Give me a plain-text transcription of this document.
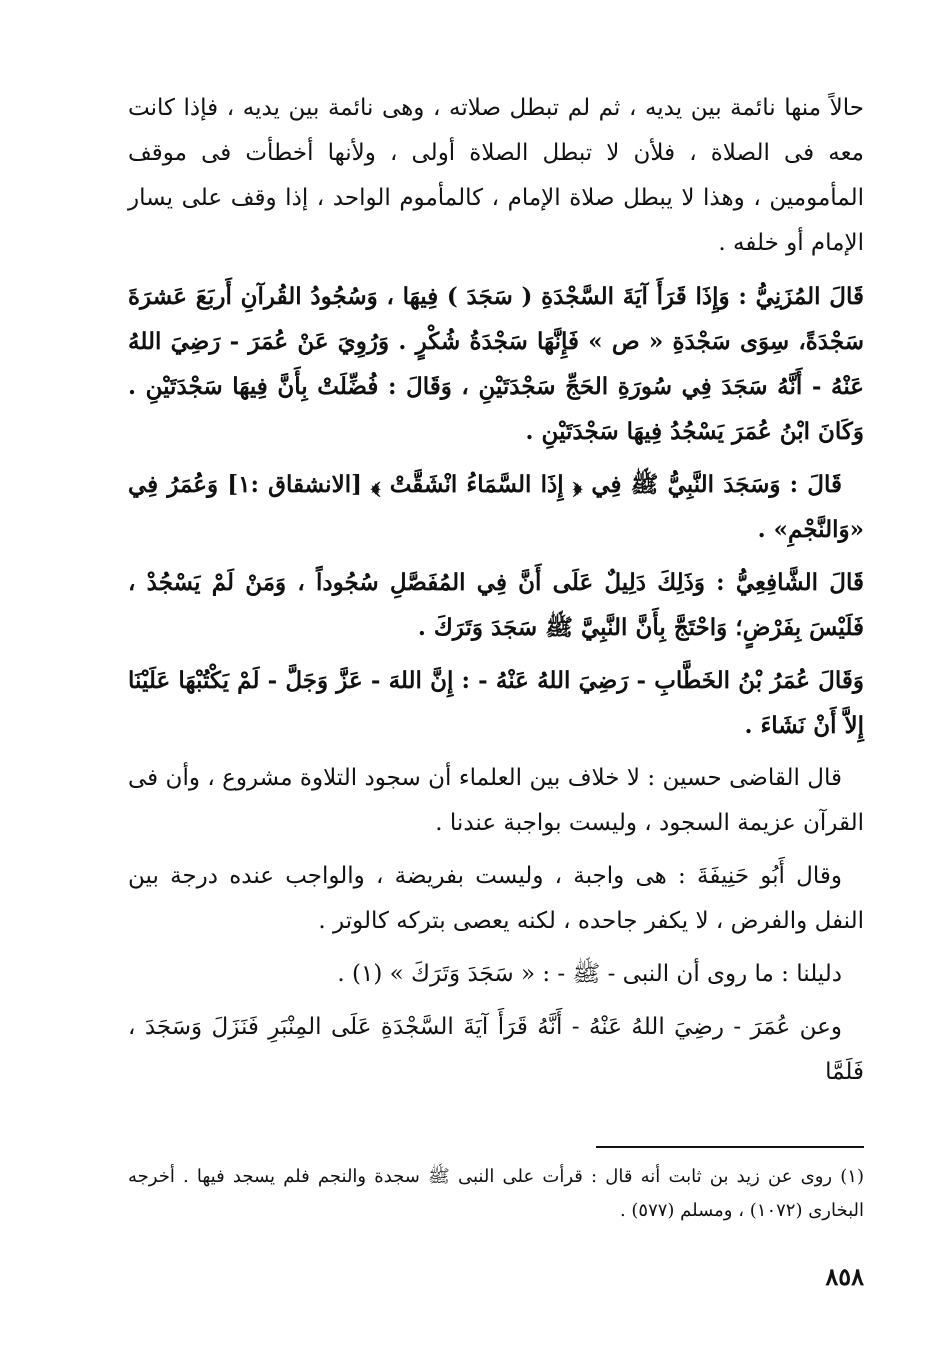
حالاً منها نائمة بين يديه ، ثم لم تبطل صلاته ، وهى نائمة بين يديه ، فإذا كانت معه فى الصلاة ، فلأن لا تبطل الصلاة أولى ، ولأنها أخطأت فى موقف المأمومين ، وهذا لا يبطل صلاة الإمام ، كالمأموم الواحد ، إذا وقف على يسار الإمام أو خلفه .

قَالَ المُزَنِيُّ : وَإِذَا قَرَأَ آيَةَ السَّجْدَةِ ( سَجَدَ ) فِيهَا ، وَسُجُودُ القُرآنِ أَربَعَ عَشرَةَ سَجْدَةً، سِوَى سَجْدَةِ « ص » فَإِنَّهَا سَجْدَةُ شُكْرٍ . وَرُوِيَ عَنْ عُمَرَ - رَضِيَ اللهُ عَنْهُ - أَنَّهُ سَجَدَ فِي سُورَةِ الحَجِّ سَجْدَتَيْنِ ، وَقَالَ : فُضِّلَتْ بِأَنَّ فِيهَا سَجْدَتَيْنِ . وَكَانَ ابْنُ عُمَرَ يَسْجُدُ فِيهَا سَجْدَتَيْنِ .

قَالَ : وَسَجَدَ النَّبِيُّ ﷺ فِي ﴿ إِذَا السَّمَاءُ انْشَقَّتْ ﴾ [الانشقاق :١] وَعُمَرُ فِي «وَالنَّجْمِ» .

قَالَ الشَّافِعِيُّ : وَذَلِكَ دَلِيلٌ عَلَى أَنَّ فِي المُفَصَّلِ سُجُوداً ، وَمَنْ لَمْ يَسْجُدْ ، فَلَيْسَ بِفَرْضٍ؛ وَاحْتَجَّ بِأَنَّ النَّبِيَّ ﷺ سَجَدَ وَتَرَكَ .

وَقَالَ عُمَرُ بْنُ الخَطَّابِ - رَضِيَ اللهُ عَنْهُ - : إِنَّ اللهَ - عَزَّ وَجَلَّ - لَمْ يَكْتُبْهَا عَلَيْنَا إِلاَّ أَنْ نَشَاءَ .

قال القاضى حسين : لا خلاف بين العلماء أن سجود التلاوة مشروع ، وأن فى القرآن عزيمة السجود ، وليست بواجبة عندنا .

وقال أَبُو حَنِيفَةَ : هى واجبة ، وليست بفريضة ، والواجب عنده درجة بين النفل والفرض ، لا يكفر جاحده ، لكنه يعصى بتركه كالوتر .

دليلنا : ما روى أن النبى - ﷺ - : « سَجَدَ وَتَرَكَ » (١) .

وعن عُمَرَ - رضِيَ اللهُ عَنْهُ - أَنَّهُ قَرَأَ آيَةَ السَّجْدَةِ عَلَى المِنْبَرِ فَنَزَلَ وَسَجَدَ ، فَلَمَّا

(١) روى عن زيد بن ثابت أنه قال : قرأت على النبى ﷺ سجدة والنجم فلم يسجد فيها . أخرجه البخارى (١٠٧٢) ، ومسلم (٥٧٧) .

٨٥٨
